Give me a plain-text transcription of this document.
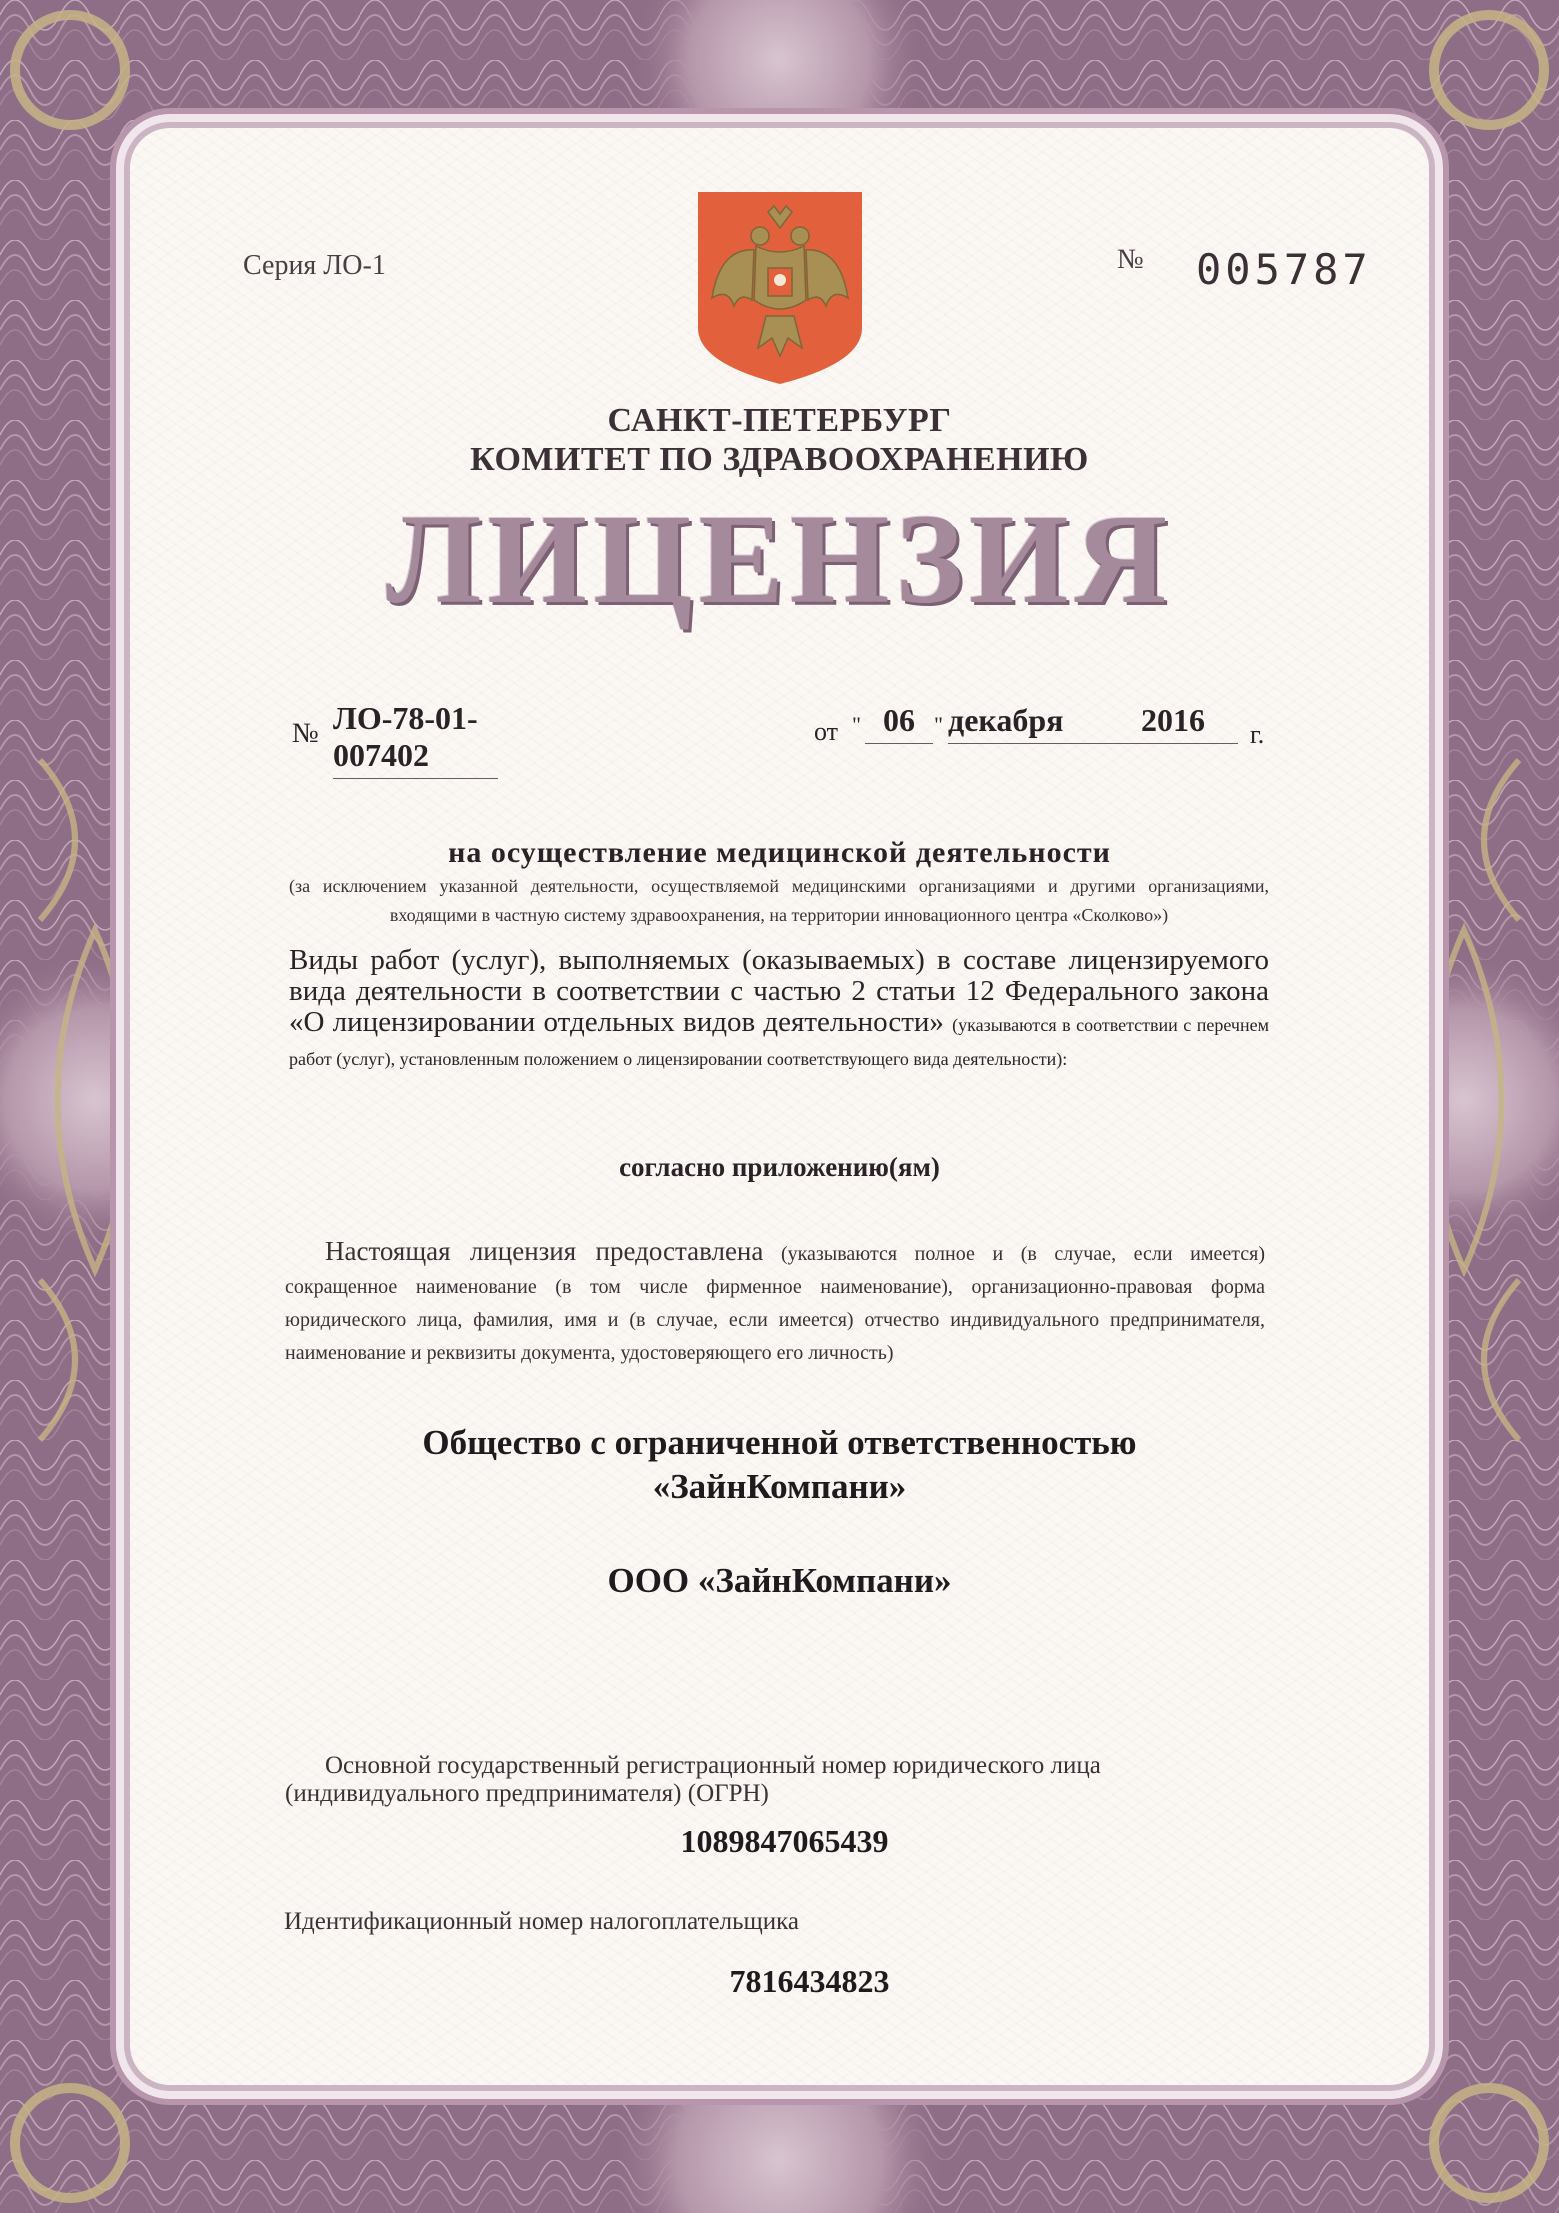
Серия ЛО-1	№ 005787
САНКТ-ПЕТЕРБУРГ
КОМИТЕТ ПО ЗДРАВООХРАНЕНИЮ
ЛИЦЕНЗИЯ
№ ЛО-78-01-007402
от " 06 " декабря 2016 г.
на осуществление медицинской деятельности
(за исключением указанной деятельности, осуществляемой медицинскими организациями и другими организациями, входящими в частную систему здравоохранения, на территории инновационного центра «Сколково»)
Виды работ (услуг), выполняемых (оказываемых) в составе лицензируемого вида деятельности в соответствии с частью 2 статьи 12 Федерального закона «О лицензировании отдельных видов деятельности» (указываются в соответствии с перечнем работ (услуг), установленным положением о лицензировании соответствующего вида деятельности):
согласно приложению(ям)
Настоящая лицензия предоставлена (указываются полное и (в случае, если имеется) сокращенное наименование (в том числе фирменное наименование), организационно-правовая форма юридического лица, фамилия, имя и (в случае, если имеется) отчество индивидуального предпринимателя, наименование и реквизиты документа, удостоверяющего его личность)
Общество с ограниченной ответственностью
«ЗайнКомпани»
ООО «ЗайнКомпани»
Основной государственный регистрационный номер юридического лица
(индивидуального предпринимателя) (ОГРН)
1089847065439
Идентификационный номер налогоплательщика
7816434823
